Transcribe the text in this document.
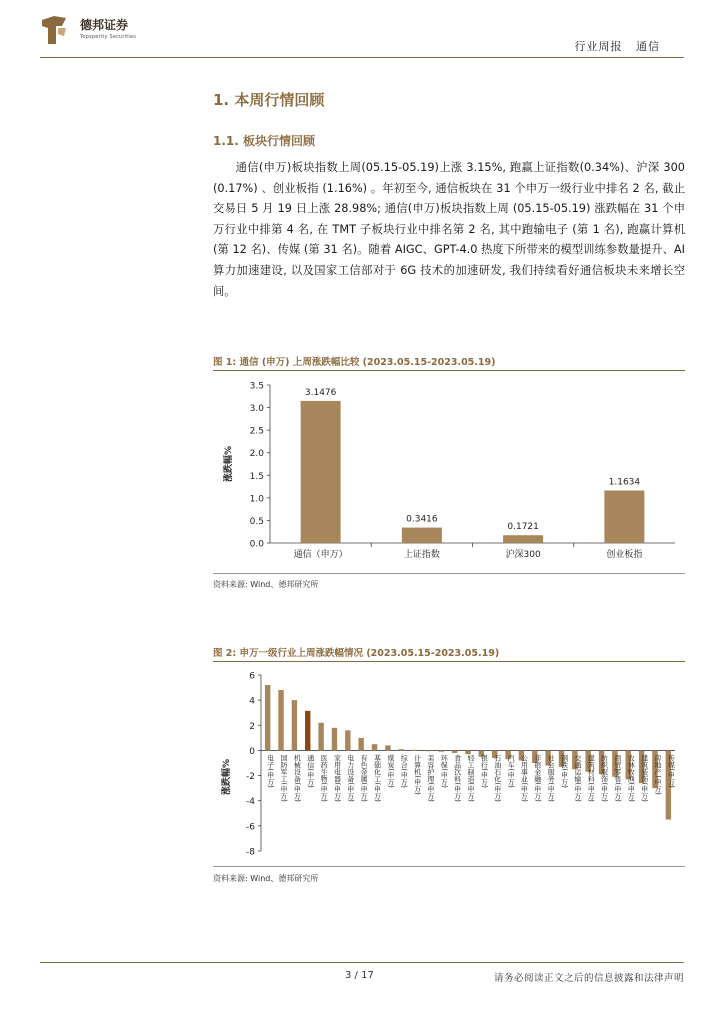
德邦证券
Topsperity Securities
行业周报   通信
1. 本周行情回顾
1.1. 板块行情回顾

通信(申万)板块指数上周(05.15-05.19)上涨 3.15%, 跑赢上证指数(0.34%)、沪深 300 (0.17%) 、创业板指 (1.16%) 。年初至今, 通信板块在 31 个申万一级行业中排名 2 名, 截止交易日 5 月 19 日上涨 28.98%; 通信(申万)板块指数上周 (05.15-05.19) 涨跌幅在 31 个申万行业中排第 4 名, 在 TMT 子板块行业中排名第 2 名, 其中跑输电子 (第 1 名), 跑赢计算机 (第 12 名)、传媒 (第 31 名)。随着 AIGC、GPT-4.0 热度下所带来的模型训练参数量提升、AI 算力加速建设, 以及国家工信部对于 6G 技术的加速研发, 我们持续看好通信板块未来增长空间。

图 1: 通信 (申万) 上周涨跌幅比较 (2023.05.15-2023.05.19)
3.5
3.0
2.5
2.0
1.5
1.0
0.5
0.0
3.1476
通信（申万）
0.3416
上证指数
0.1721
沪深300
1.1634
创业板指
涨跌幅%
资料来源: Wind、德邦研究所
图 2: 申万一级行业上周涨跌幅情况 (2023.05.15-2023.05.19)
6
4
2
0
-2
-4
-6
-8
电子(申万) 国防军工(申万) 机械设备(申万) 通信(申万) 医药生物(申万) 家用电器(申万) 电力设备(申万) 有色金属(申万) 基础化工(申万) 煤炭(申万) 综合(申万) 计算机(申万) 美容护理(申万) 环保(申万) 食品饮料(申万) 轻工制造(申万) 银行(申万) 石油石化(申万) 汽车(申万) 公用事业(申万) 非银金融(申万) 社会服务(申万) 钢铁(申万) 交通运输(申万) 建筑材料(申万) 纺织服饰(申万) 商贸零售(申万) 农林牧渔(申万) 建筑装饰(申万) 房地产(申万) 传媒(申万)
涨跌幅%
资料来源: Wind、德邦研究所
3 / 17	请务必阅读正文之后的信息披露和法律声明
